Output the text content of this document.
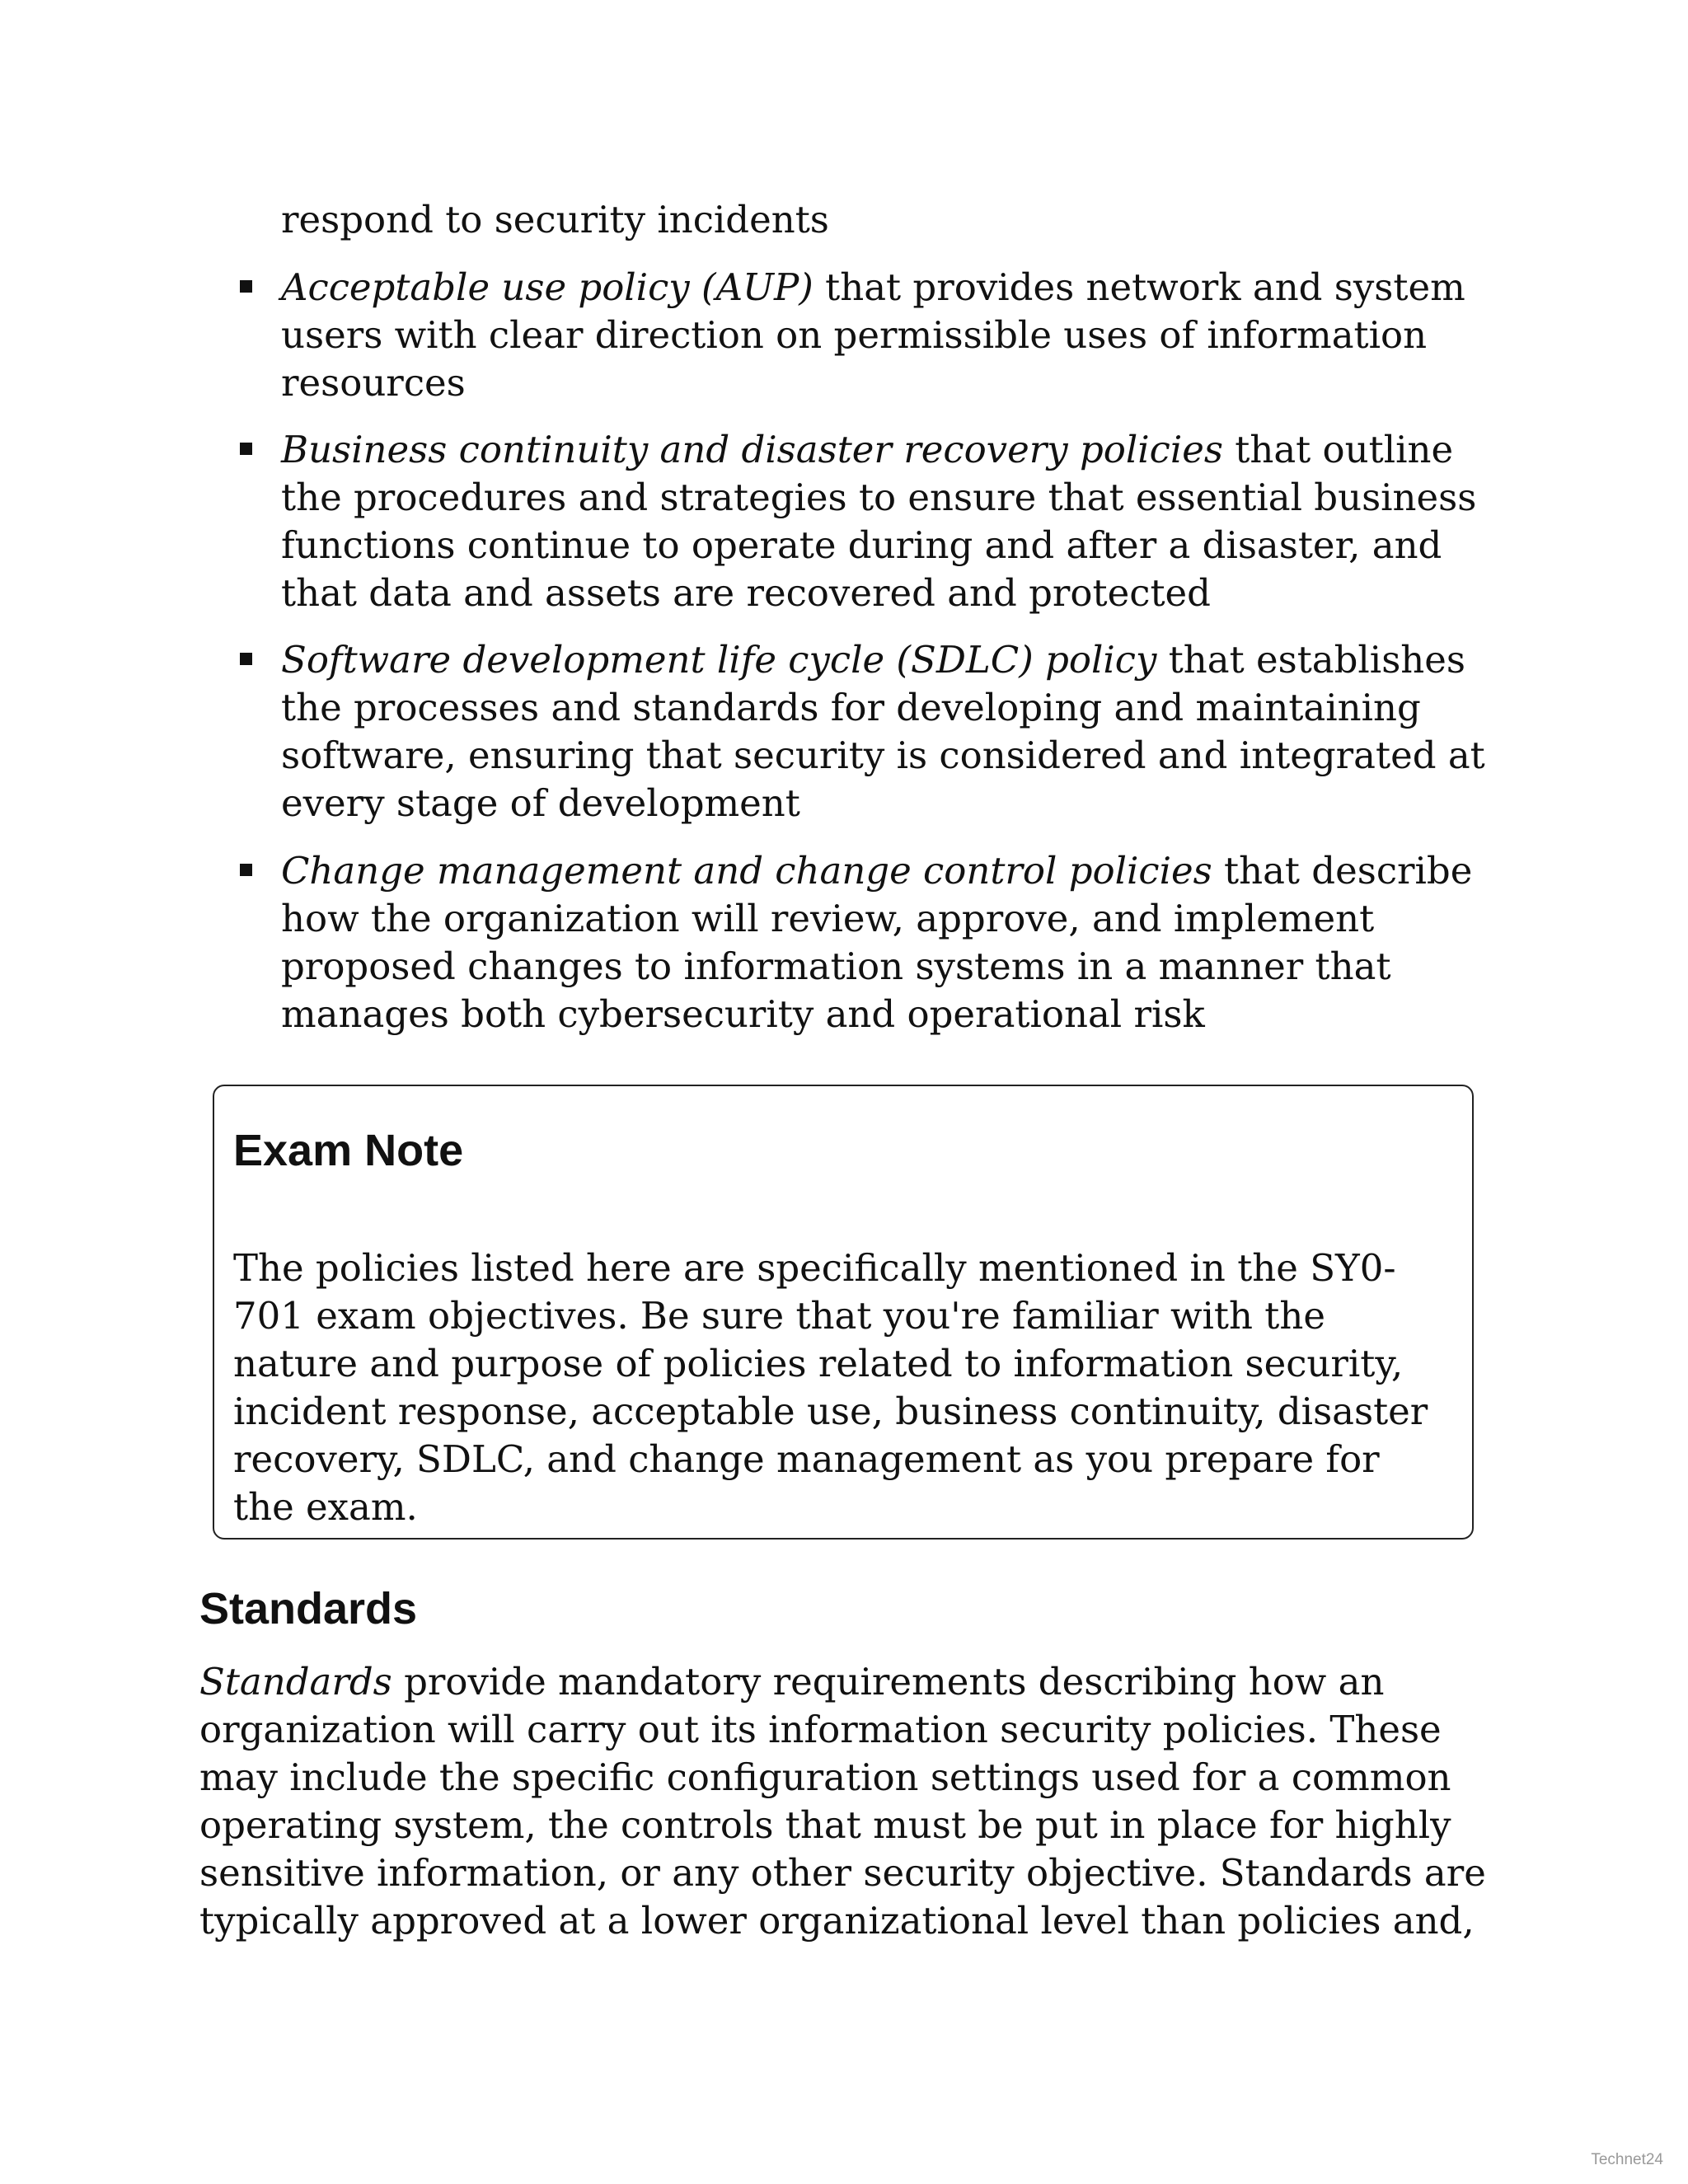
respond to security incidents

Acceptable use policy (AUP) that provides network and system users with clear direction on permissible uses of information resources

Business continuity and disaster recovery policies that outline the procedures and strategies to ensure that essential business functions continue to operate during and after a disaster, and that data and assets are recovered and protected

Software development life cycle (SDLC) policy that establishes the processes and standards for developing and maintaining software, ensuring that security is considered and integrated at every stage of development

Change management and change control policies that describe how the organization will review, approve, and implement proposed changes to information systems in a manner that manages both cybersecurity and operational risk

Exam Note

The policies listed here are specifically mentioned in the SY0-701 exam objectives. Be sure that you're familiar with the nature and purpose of policies related to information security, incident response, acceptable use, business continuity, disaster recovery, SDLC, and change management as you prepare for the exam.

Standards

Standards provide mandatory requirements describing how an organization will carry out its information security policies. These may include the specific configuration settings used for a common operating system, the controls that must be put in place for highly sensitive information, or any other security objective. Standards are typically approved at a lower organizational level than policies and,

Technet24
